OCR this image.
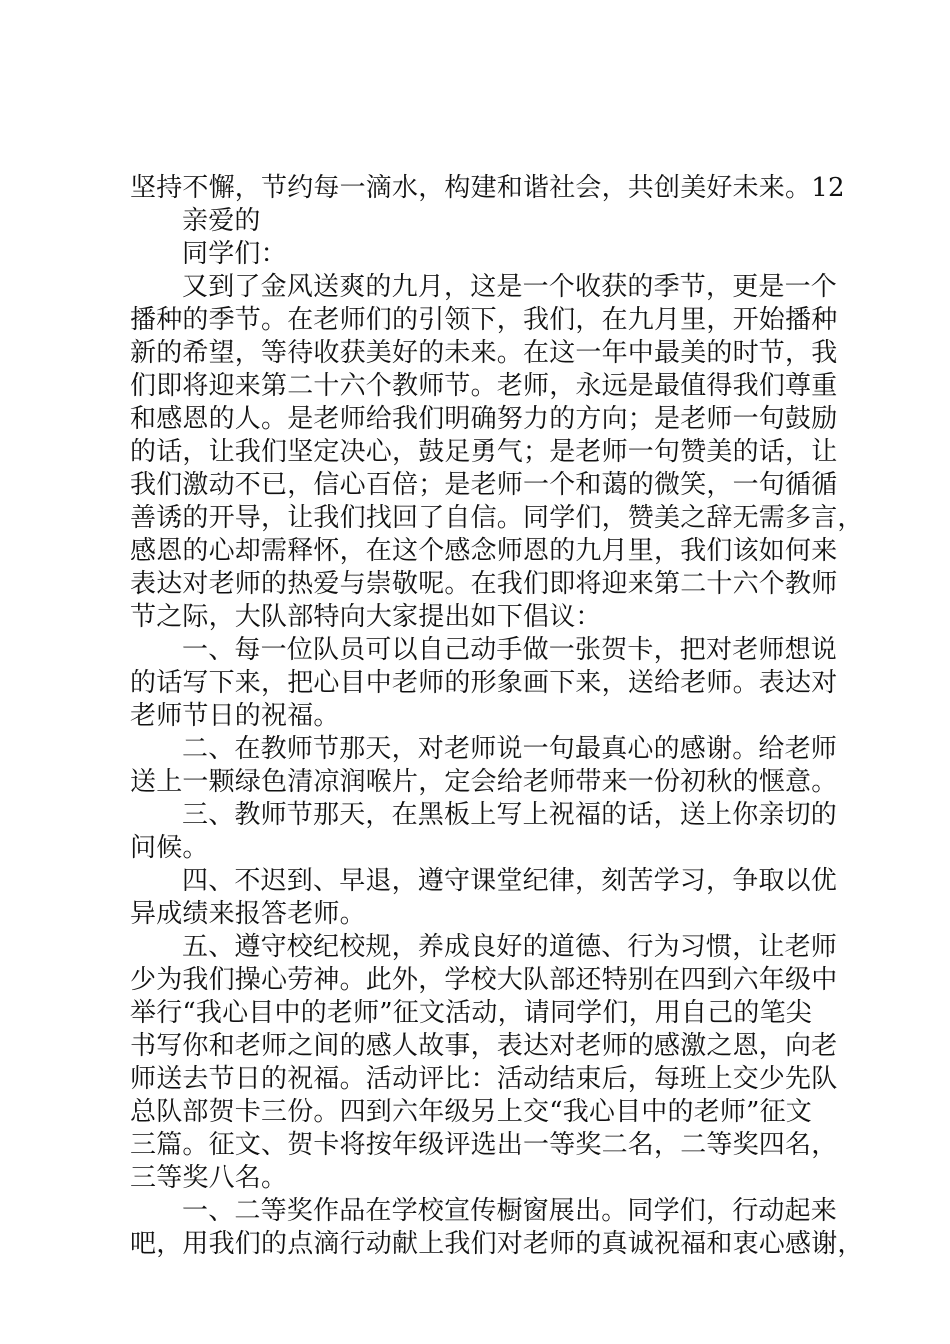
坚持不懈，节约每一滴水，构建和谐社会，共创美好未来。12
亲爱的
同学们：
又到了金风送爽的九月，这是一个收获的季节，更是一个
播种的季节。在老师们的引领下，我们，在九月里，开始播种
新的希望，等待收获美好的未来。在这一年中最美的时节，我
们即将迎来第二十六个教师节。老师，永远是最值得我们尊重
和感恩的人。是老师给我们明确努力的方向；是老师一句鼓励
的话，让我们坚定决心，鼓足勇气；是老师一句赞美的话，让
我们激动不已，信心百倍；是老师一个和蔼的微笑，一句循循
善诱的开导，让我们找回了自信。同学们，赞美之辞无需多言，
感恩的心却需释怀，在这个感念师恩的九月里，我们该如何来
表达对老师的热爱与崇敬呢。在我们即将迎来第二十六个教师
节之际，大队部特向大家提出如下倡议：
一、每一位队员可以自己动手做一张贺卡，把对老师想说
的话写下来，把心目中老师的形象画下来，送给老师。表达对
老师节日的祝福。
二、在教师节那天，对老师说一句最真心的感谢。给老师
送上一颗绿色清凉润喉片，定会给老师带来一份初秋的惬意。
三、教师节那天，在黑板上写上祝福的话，送上你亲切的
问候。
四、不迟到、早退，遵守课堂纪律，刻苦学习，争取以优
异成绩来报答老师。
五、遵守校纪校规，养成良好的道德、行为习惯，让老师
少为我们操心劳神。此外，学校大队部还特别在四到六年级中
举行“我心目中的老师”征文活动，请同学们，用自己的笔尖
书写你和老师之间的感人故事，表达对老师的感激之恩，向老
师送去节日的祝福。活动评比：活动结束后，每班上交少先队
总队部贺卡三份。四到六年级另上交“我心目中的老师”征文
三篇。征文、贺卡将按年级评选出一等奖二名，二等奖四名，
三等奖八名。
一、二等奖作品在学校宣传橱窗展出。同学们，行动起来
吧，用我们的点滴行动献上我们对老师的真诚祝福和衷心感谢，
